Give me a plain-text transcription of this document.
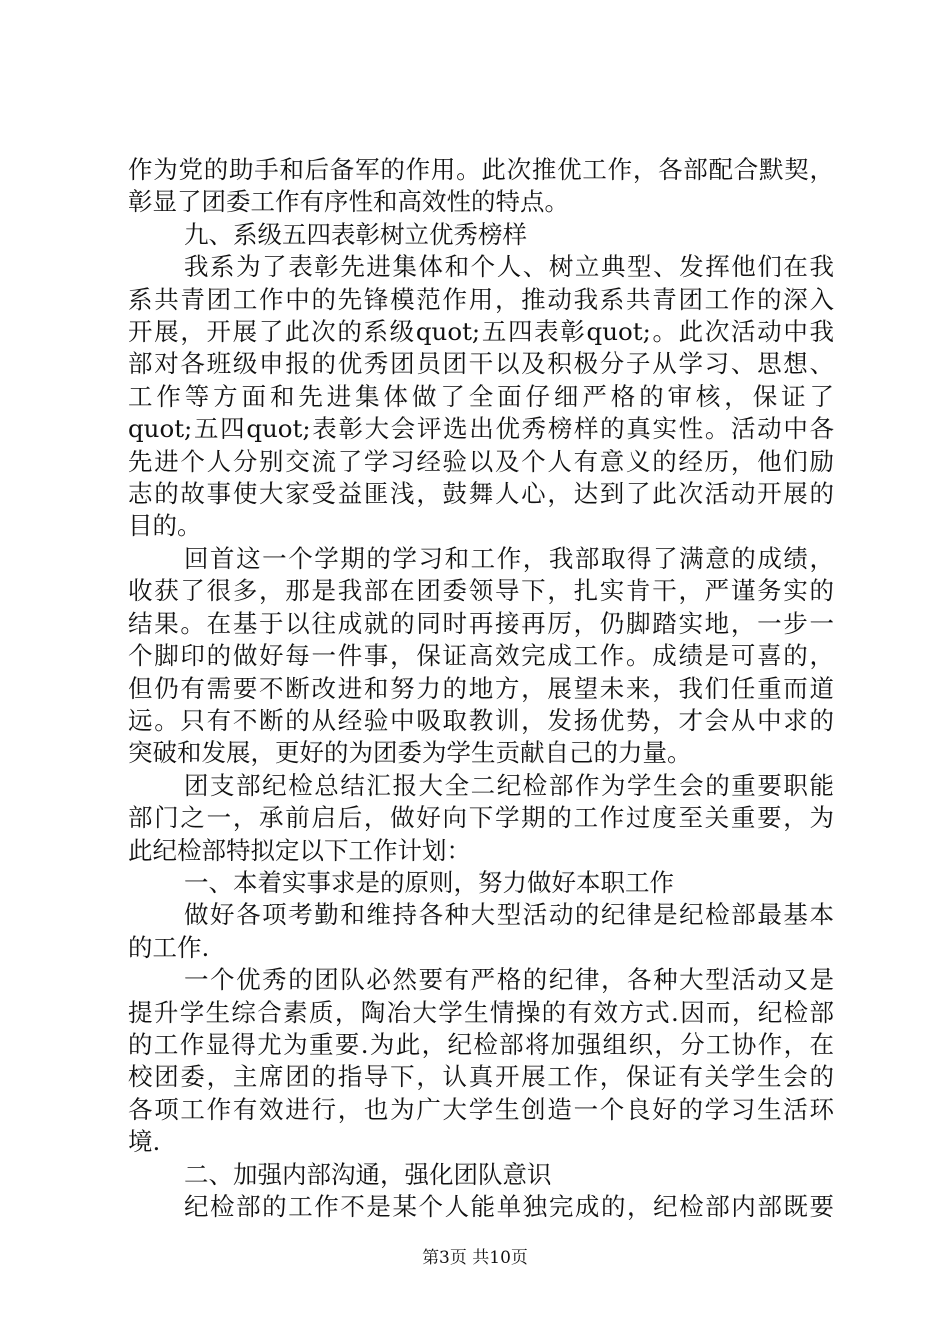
作为党的助手和后备军的作用。此次推优工作，各部配合默契，
彰显了团委工作有序性和高效性的特点。
九、系级五四表彰树立优秀榜样
我系为了表彰先进集体和个人、树立典型、发挥他们在我
系共青团工作中的先锋模范作用，推动我系共青团工作的深入
开展，开展了此次的系级quot;五四表彰quot;。此次活动中我
部对各班级申报的优秀团员团干以及积极分子从学习、思想、
工作等方面和先进集体做了全面仔细严格的审核，保证了
quot;五四quot;表彰大会评选出优秀榜样的真实性。活动中各
先进个人分别交流了学习经验以及个人有意义的经历，他们励
志的故事使大家受益匪浅，鼓舞人心，达到了此次活动开展的
目的。
回首这一个学期的学习和工作，我部取得了满意的成绩，
收获了很多，那是我部在团委领导下，扎实肯干，严谨务实的
结果。在基于以往成就的同时再接再厉，仍脚踏实地，一步一
个脚印的做好每一件事，保证高效完成工作。成绩是可喜的，
但仍有需要不断改进和努力的地方，展望未来，我们任重而道
远。只有不断的从经验中吸取教训，发扬优势，才会从中求的
突破和发展，更好的为团委为学生贡献自己的力量。
团支部纪检总结汇报大全二纪检部作为学生会的重要职能
部门之一，承前启后，做好向下学期的工作过度至关重要，为
此纪检部特拟定以下工作计划：
一、本着实事求是的原则，努力做好本职工作
做好各项考勤和维持各种大型活动的纪律是纪检部最基本
的工作.
一个优秀的团队必然要有严格的纪律，各种大型活动又是
提升学生综合素质，陶冶大学生情操的有效方式.因而，纪检部
的工作显得尤为重要.为此，纪检部将加强组织，分工协作，在
校团委，主席团的指导下，认真开展工作，保证有关学生会的
各项工作有效进行，也为广大学生创造一个良好的学习生活环
境.
二、加强内部沟通，强化团队意识
纪检部的工作不是某个人能单独完成的，纪检部内部既要
第3页 共10页
